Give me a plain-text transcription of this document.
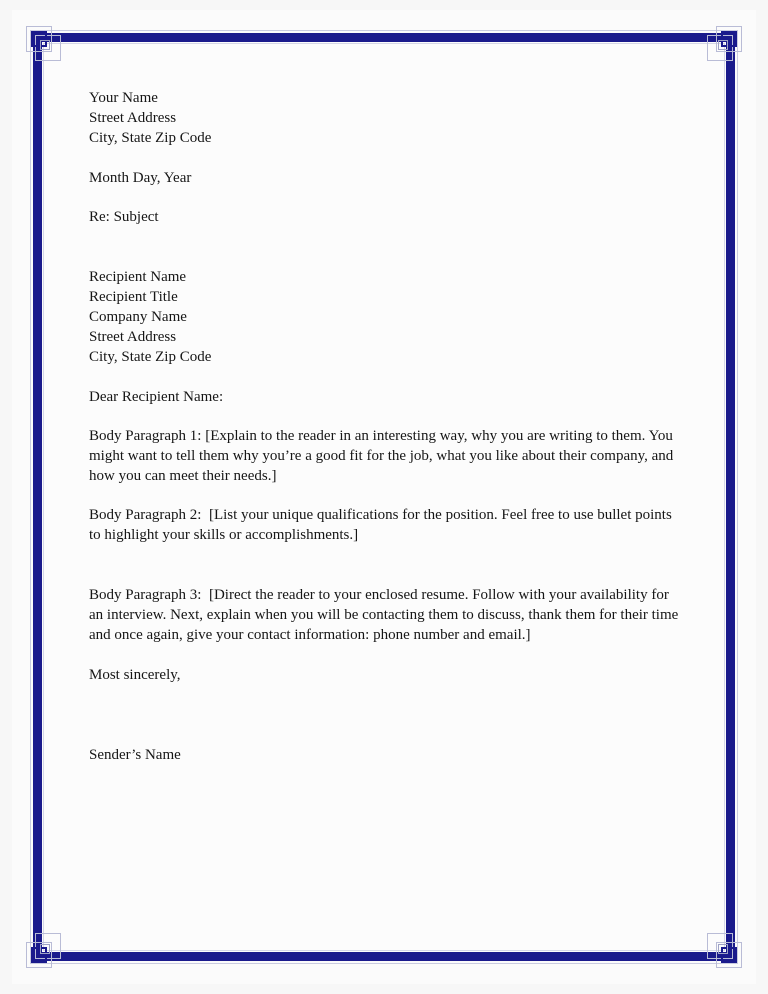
Your Name
Street Address
City, State Zip Code
Month Day, Year
Re: Subject
Recipient Name
Recipient Title
Company Name
Street Address
City, State Zip Code

Dear Recipient Name:

Body Paragraph 1: [Explain to the reader in an interesting way, why you are writing to them. You might want to tell them why you’re a good fit for the job, what you like about their company, and how you can meet their needs.]

Body Paragraph 2:  [List your unique qualifications for the position. Feel free to use bullet points to highlight your skills or accomplishments.]

Body Paragraph 3:  [Direct the reader to your enclosed resume. Follow with your availability for an interview. Next, explain when you will be contacting them to discuss, thank them for their time and once again, give your contact information: phone number and email.]

Most sincerely,

Sender’s Name
